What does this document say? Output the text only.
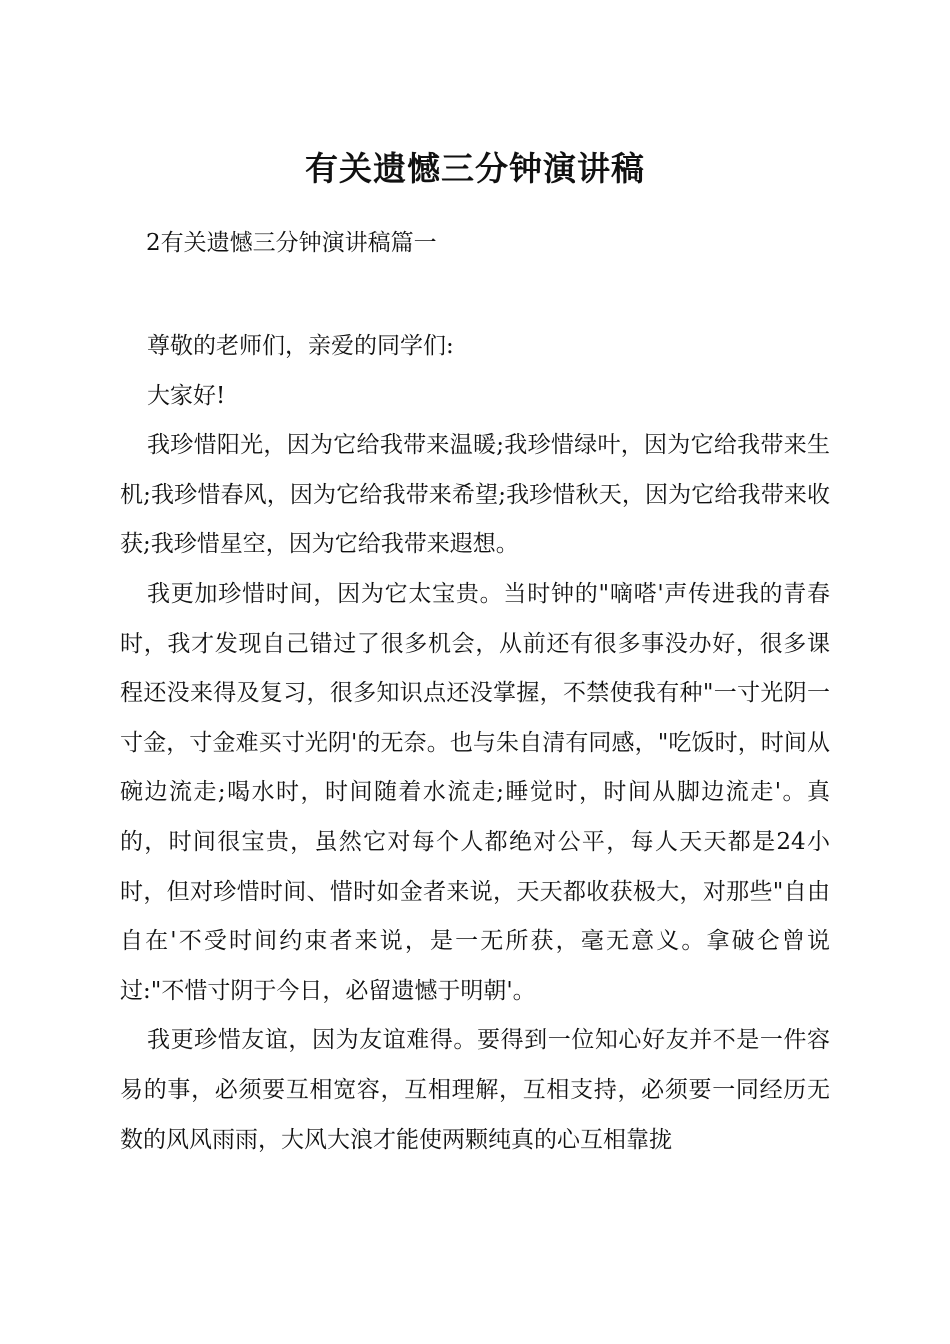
有关遗憾三分钟演讲稿
2有关遗憾三分钟演讲稿篇一

尊敬的老师们，亲爱的同学们:

大家好!

我珍惜阳光，因为它给我带来温暖;我珍惜绿叶，因为它给我带来生机;我珍惜春风，因为它给我带来希望;我珍惜秋天，因为它给我带来收获;我珍惜星空，因为它给我带来遐想。

我更加珍惜时间，因为它太宝贵。当时钟的"嘀嗒'声传进我的青春时，我才发现自己错过了很多机会，从前还有很多事没办好，很多课程还没来得及复习，很多知识点还没掌握，不禁使我有种"一寸光阴一寸金，寸金难买寸光阴'的无奈。也与朱自清有同感，"吃饭时，时间从碗边流走;喝水时，时间随着水流走;睡觉时，时间从脚边流走'。真的，时间很宝贵，虽然它对每个人都绝对公平，每人天天都是24小时，但对珍惜时间、惜时如金者来说，天天都收获极大，对那些"自由自在'不受时间约束者来说，是一无所获，毫无意义。拿破仑曾说过:"不惜寸阴于今日，必留遗憾于明朝'。

我更珍惜友谊，因为友谊难得。要得到一位知心好友并不是一件容易的事，必须要互相宽容，互相理解，互相支持，必须要一同经历无数的风风雨雨，大风大浪才能使两颗纯真的心互相靠拢
